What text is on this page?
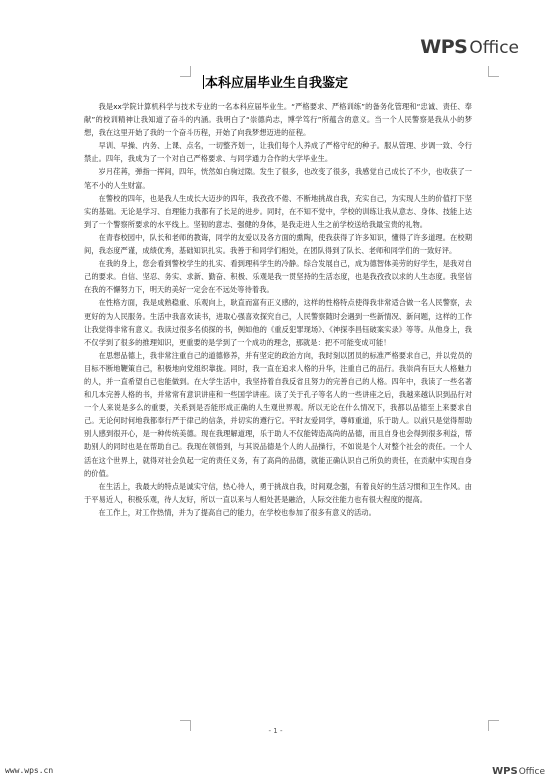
WPS Office
本科应届毕业生自我鉴定

我是xx学院计算机科学与技术专业的一名本科应届毕业生。“严格要求、严格训练”的备务化管理和“忠诚、责任、奉献”的校训精神让我知道了奋斗的内涵。我明白了“崇德尚志，博学笃行”所蕴含的意义。当一个人民警察是我从小的梦想，我在这里开始了我的一个奋斗历程，开始了向我梦想迈进的征程。

早训、早操、内务、上课、点名，一切整齐划一，让我们每个人养成了严格守纪的种子。服从管理、步调一致、令行禁止。四年，我成为了一个对自己严格要求、与同学通力合作的大学毕业生。

岁月荏苒，弹指一挥间，四年，恍然如白驹过隙。发生了很多，也改变了很多，我感觉自己成长了不少，也收获了一笔不小的人生财富。

在警校的四年，也是我人生成长大迈步的四年，我孜孜不倦、不断地挑战自我，充实自己，为实现人生的价值打下坚实的基础。无论是学习、自理能力我都有了长足的进步。同时，在不知不觉中，学校的训练让我从意志、身体、技能上达到了一个警察所要求的水平线上。坚韧的意志、强健的身体，是我走进人生之前学校送给我最宝贵的礼物。

在青春校园中，队长和老师的教诲，同学的友爱以及各方面的熏陶，使我获得了许多知识，懂得了许多道理。在校期间，我态度严谨，成绩优秀，基础知识扎实。我善于和同学们相处，在团队得到了队长、老师和同学们的一致好评。

在我的身上，您会看到警校学生的扎实、看到理科学生的冷静。综合发展自己，成为德智体美劳的好学生，是我对自己的要求。自信、坚忍、务实、求新、勤奋、积极、乐观是我一贯坚持的生活态度，也是我孜孜以求的人生态度。我坚信在我的不懈努力下，明天的美好一定会在不远处等待着我。

在性格方面，我是成熟稳重、乐观向上，耿直而富有正义感的，这样的性格特点使得我非常适合做一名人民警察，去更好的为人民服务。生活中我喜欢读书，进取心强喜欢探究自己，人民警察随时会遇到一些新情况、新问题，这样的工作让我觉得非常有意义。我读过很多名侦探的书，例如他的《重反犯罪现场》、《神探李昌钰破案实录》等等。从他身上，我不仅学到了很多的推理知识，更重要的是学到了一个成功的理念，那就是：把不可能变成可能！

在思想品德上，我非常注重自己的道德修养，并有坚定的政治方向，我时刻以团员的标准严格要求自己，并以党员的目标不断地鞭策自己，积极地向党组织靠拢。同时，我一直在追求人格的升华，注重自己的品行。我崇尚有巨大人格魅力的人，并一直希望自己也能做到。在大学生活中，我坚持着自我反省且努力的完善自己的人格。四年中，我读了一些名著和几本完善人格的书，并常常有意识讲座和一些国学讲座。读了关于孔子等名人的一些讲座之后，我越来越认识到品行对一个人来说是多么的重要，关系到是否能形成正确的人生观世界观。所以无论在什么情况下，我都以品德至上来要求自己。无论何时何地我都奉行严于律己的信条，并切实的遵行它。平时友爱同学，尊师重道，乐于助人。以前只是觉得帮助别人感到很开心，是一种传统美德。现在我理解道理，乐于助人不仅能铸造高尚的品德，而且自身也会得到很多利益，帮助别人的同时也是在帮助自己。我现在领悟到，与其说品德是个人的人品操行，不如说是个人对整个社会的责任。一个人活在这个世界上，就得对社会负起一定的责任义务，有了高尚的品德，就能正确认识自己所负的责任，在贡献中实现自身的价值。

在生活上，我最大的特点是诚实守信，热心待人，勇于挑战自我，时间观念强，有着良好的生活习惯和卫生作风。由于平易近人，积极乐观，待人友好，所以一直以来与人相处甚是融洽，人际交往能力也有很大程度的提高。

在工作上，对工作热情，并为了提高自己的能力，在学校也参加了很多有意义的活动。

- 1 -
www.wps.cn	WPS Office
